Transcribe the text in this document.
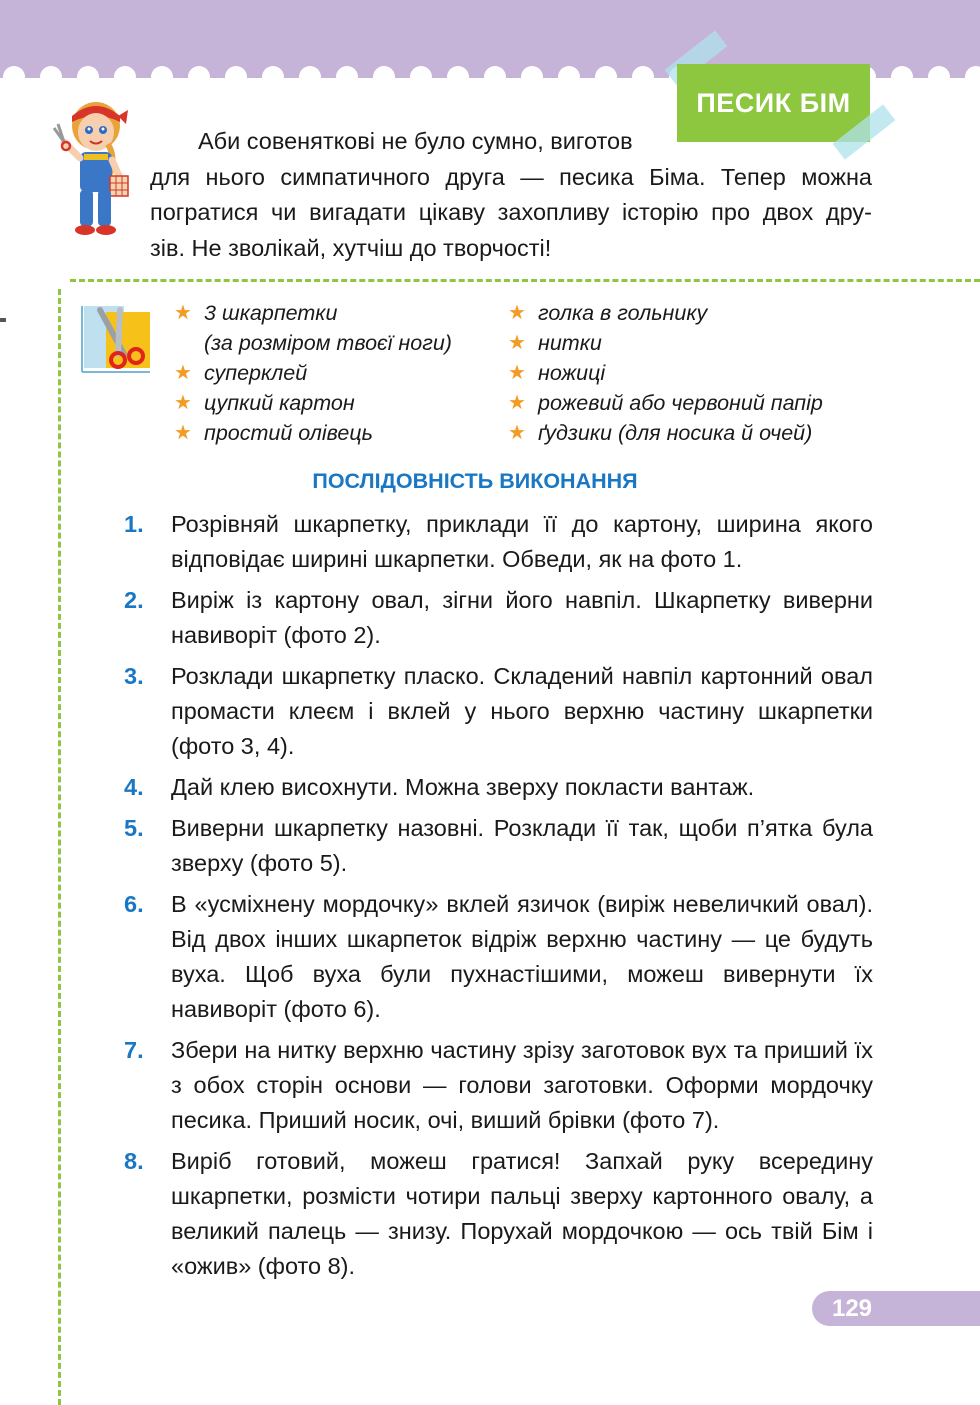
ПЕСИК БІМ
Аби совеняткові не було сумно, виготов
для нього симпатичного друга — песика Біма. Тепер можна
погратися чи вигадати цікаву захопливу історію про двох дру-
зів. Не зволікай, хутчіш до творчості!
★ 3 шкарпетки
(за розміром твоєї ноги)
★ суперклей
★ цупкий картон
★ простий олівець
★ голка в гольнику
★ нитки
★ ножиці
★ рожевий або червоний папір
★ ґудзики (для носика й очей)
ПОСЛІДОВНІСТЬ ВИКОНАННЯ
1. Розрівняй шкарпетку, приклади її до картону, ширина якого відповідає ширині шкарпетки. Обведи, як на фото 1.
2. Виріж із картону овал, зігни його навпіл. Шкарпетку виверни навиворіт (фото 2).
3. Розклади шкарпетку пласко. Складений навпіл картонний овал промасти клеєм і вклей у нього верхню частину шкарпетки (фото 3, 4).
4. Дай клею висохнути. Можна зверху покласти вантаж.
5. Виверни шкарпетку назовні. Розклади її так, щоби п’ятка була зверху (фото 5).
6. В «усміхнену мордочку» вклей язичок (виріж невеличкий овал). Від двох інших шкарпеток відріж верхню частину — це будуть вуха. Щоб вуха були пухнастішими, можеш вивернути їх навиворіт (фото 6).
7. Збери на нитку верхню частину зрізу заготовок вух та приший їх з обох сторін основи — голови заготовки. Оформи мордочку песика. Приший носик, очі, виший брівки (фото 7).
8. Виріб готовий, можеш гратися! Запхай руку всередину шкарпетки, розмісти чотири пальці зверху картонного овалу, а великий палець — знизу. Порухай мордочкою — ось твій Бім і «ожив» (фото 8).
129
